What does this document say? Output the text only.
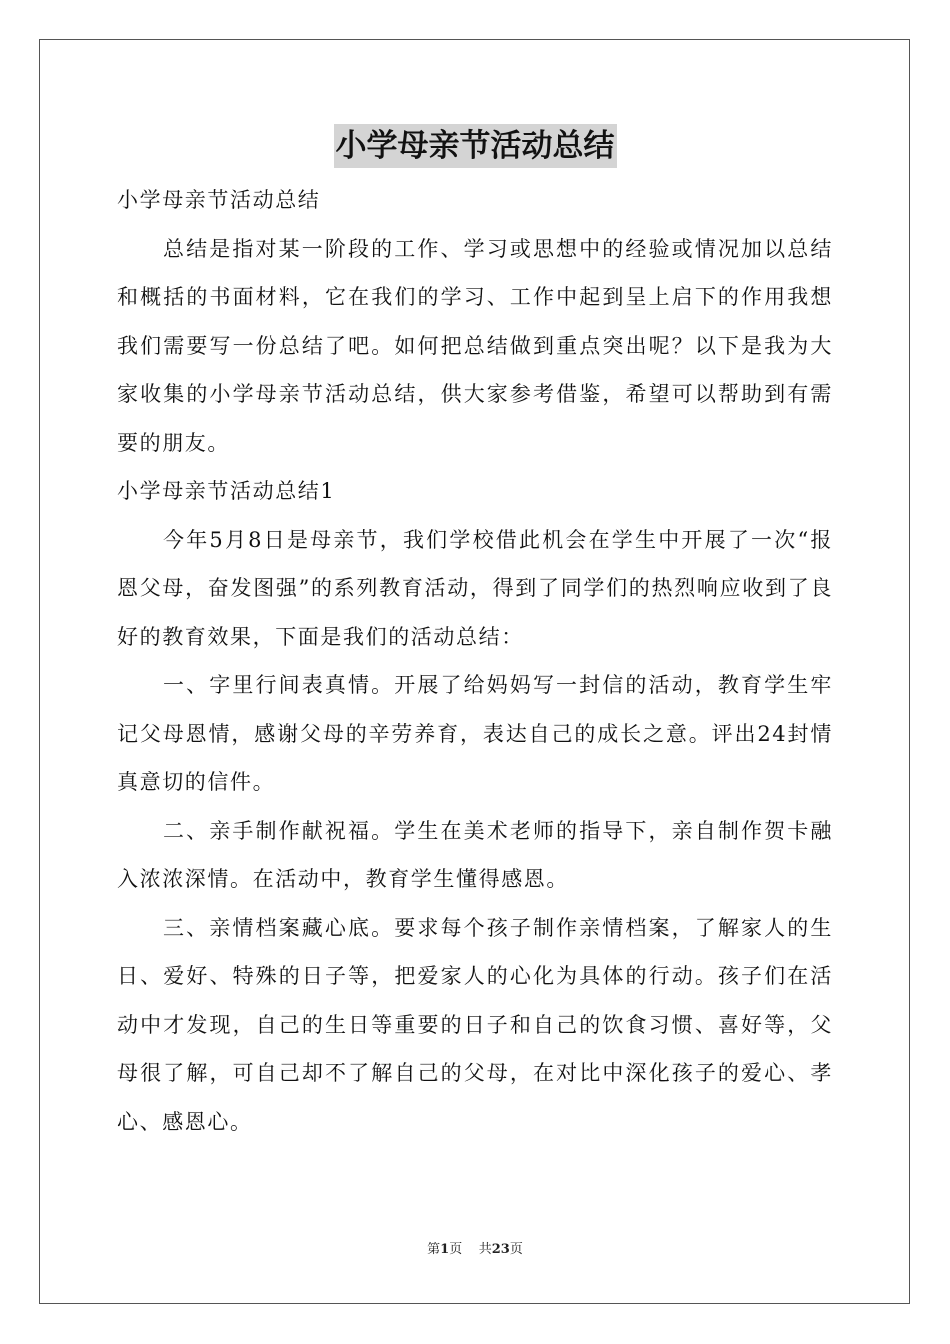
小学母亲节活动总结

小学母亲节活动总结

总结是指对某一阶段的工作、学习或思想中的经验或情况加以总结和概括的书面材料，它在我们的学习、工作中起到呈上启下的作用我想我们需要写一份总结了吧。如何把总结做到重点突出呢？以下是我为大家收集的小学母亲节活动总结，供大家参考借鉴，希望可以帮助到有需要的朋友。

小学母亲节活动总结1

今年5月8日是母亲节，我们学校借此机会在学生中开展了一次“报恩父母，奋发图强”的系列教育活动，得到了同学们的热烈响应收到了良好的教育效果，下面是我们的活动总结：

一、字里行间表真情。开展了给妈妈写一封信的活动，教育学生牢记父母恩情，感谢父母的辛劳养育，表达自己的成长之意。评出24封情真意切的信件。

二、亲手制作献祝福。学生在美术老师的指导下，亲自制作贺卡融入浓浓深情。在活动中，教育学生懂得感恩。

三、亲情档案藏心底。要求每个孩子制作亲情档案，了解家人的生日、爱好、特殊的日子等，把爱家人的心化为具体的行动。孩子们在活动中才发现，自己的生日等重要的日子和自己的饮食习惯、喜好等，父母很了解，可自己却不了解自己的父母，在对比中深化孩子的爱心、孝心、感恩心。

第1页 共23页
